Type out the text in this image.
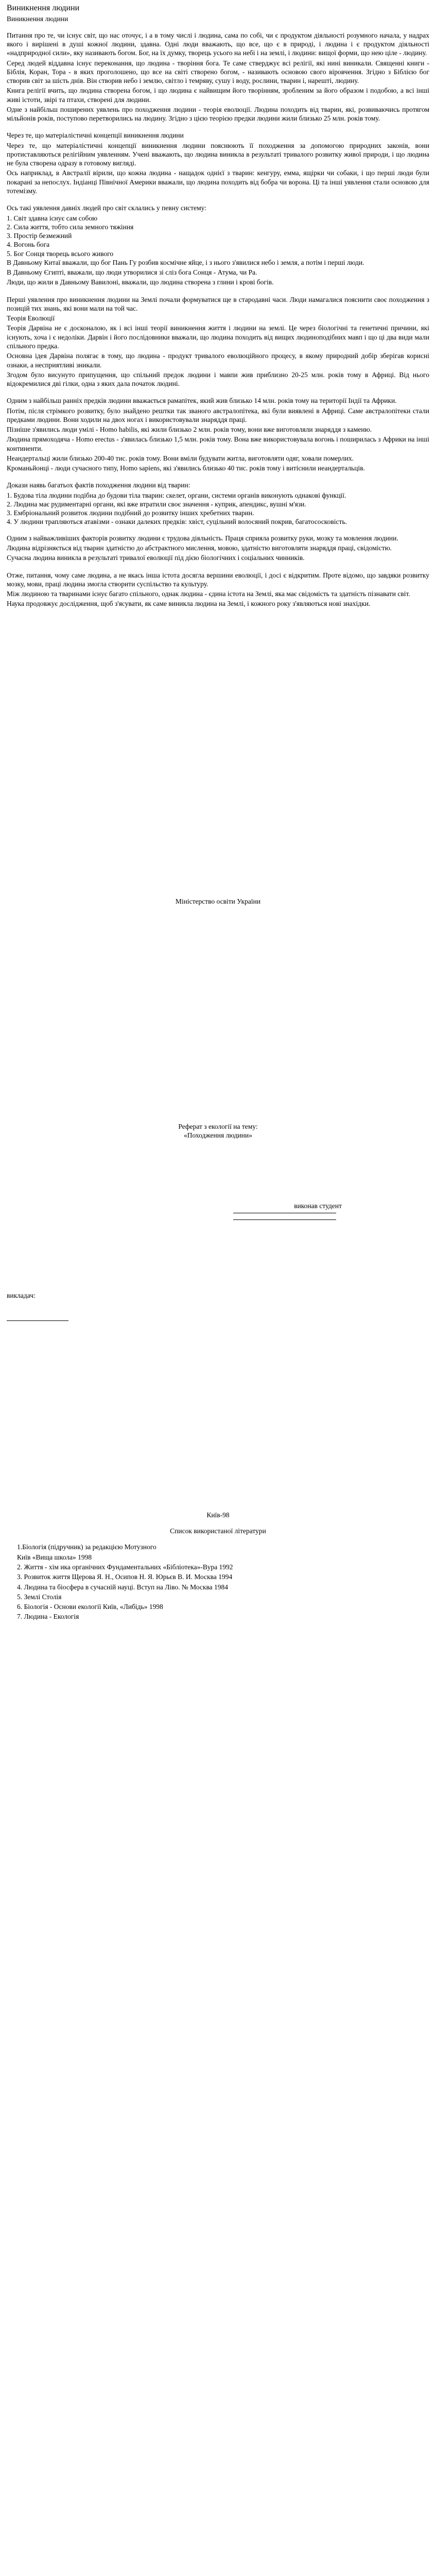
Виникнення людини
Виникнення людини

Питання про те, чи існує світ, що нас оточує, і а в тому числі і людина, сама по собі, чи є продуктом діяльності розумного начала, у надрах якого і вирішені в душі кожної людини, здавна. Одні люди вважають, що все, що є в природі, і людина і є продуктом діяльності «надприродної сили», яку називають богом. Бог, на їх думку, творець усього на небі і на землі, і людини: вищої форми, що нею ціле - людину.

Серед людей віддавна існує переконання, що людина - творіння бога. Те саме стверджує всі релігії, які нині виникали. Священні книги - Біблія, Коран, Тора - в яких проголошено, що все на світі створено богом, - називають основою свого віровчення. Згідно з Біблією бог створив світ за шість днів. Він створив небо і землю, світло і темряву, сушу і воду, рослини, тварин і, нарешті, людину.

Книга релігії вчить, що людина створена богом, і що людина є найвищим його творінням, зробленим за його образом і подобою, а всі інші живі істоти, звірі та птахи, створені для людини.

Одне з найбільш поширених уявлень про походження людини - теорія еволюції. Людина походить від тварин, які, розвиваючись протягом мільйонів років, поступово перетворились на людину. Згідно з цією теорією предки людини жили близько 25 млн. років тому.

Через те, що матеріалістичні концепції виникнення людини

Через те, що матеріалістичні концепції виникнення людини пояснюють її походження за допомогою природних законів, вони протиставляються релігійним уявленням. Учені вважають, що людина виникла в результаті тривалого розвитку живої природи, і що людина не була створена одразу в готовому вигляді.

Ось наприклад, в Австралії вірили, що кожна людина - нащадок однієї з тварин: кенгуру, емма, ящірки чи собаки, і що перші люди були покарані за непослух. Індіанці Північної Америки вважали, що людина походить від бобра чи ворона. Ці та інші уявлення стали основою для тотемізму.

Ось такі уявлення давніх людей про світ склались у певну систему:

1. Світ здавна існує сам собою
2. Сила життя, тобто сила земного тяжіння
3. Простір безмежний
4. Вогонь бога
5. Бог Сонця творець всього живого

В Давньому Китаї вважали, що бог Пань Гу розбив космічне яйце, і з нього з'явилися небо і земля, а потім і перші люди.

В Давньому Єгипті, вважали, що люди утворилися зі сліз бога Сонця - Атума, чи Ра.

Люди, що жили в Давньому Вавилоні, вважали, що людина створена з глини і крові богів.

Перші уявлення про виникнення людини на Землі почали формуватися ще в стародавні часи. Люди намагалися пояснити своє походження з позицій тих знань, які вони мали на той час.

Теорія Еволюції

Теорія Дарвіна не є досконалою, як і всі інші теорії виникнення життя і людини на землі. Це через біологічні та генетичні причини, які існують, хоча і є недоліки. Дарвін і його послідовники вважали, що людина походить від вищих людиноподібних мавп і що ці два види мали спільного предка.

Основна ідея Дарвіна полягає в тому, що людина - продукт тривалого еволюційного процесу, в якому природний добір зберігав корисні ознаки, а неcприятливі зникали.

Згодом було висунуто припущення, що спільний предок людини і мавпи жив приблизно 20-25 млн. років тому в Африці. Від нього відокремилися дві гілки, одна з яких дала початок людині.

Одним з найбільш ранніх предків людини вважається рамапітек, який жив близько 14 млн. років тому на території Індії та Африки.

Потім, після стрімкого розвитку, було знайдено рештки так званого австралопітека, які були виявлені в Африці. Саме австралопітеки стали предками людини. Вони ходили на двох ногах і використовували знаряддя праці.

Пізніше з'явились люди умілі - Homo habilis, які жили близько 2 млн. років тому, вони вже виготовляли знаряддя з каменю.

Людина прямоходяча - Homo erectus - з'явилась близько 1,5 млн. років тому. Вона вже використовувала вогонь і поширилась з Африки на інші континенти.

Неандертальці жили близько 200-40 тис. років тому. Вони вміли будувати житла, виготовляти одяг, ховали померлих.

Кроманьйонці - люди сучасного типу, Homo sapiens, які з'явились близько 40 тис. років тому і витіснили неандертальців.

Докази наявь багатьох фактів походження людини від тварин:

1. Будова тіла людини подібна до будови тіла тварин: скелет, органи, системи органів виконують однакові функції.
2. Людина має рудиментарні органи, які вже втратили своє значення - куприк, апендикс, вушні м'язи.
3. Ембріональний розвиток людини подібний до розвитку інших хребетних тварин.
4. У людини трапляються атавізми - ознаки далеких предків: хвіст, суцільний волосяний покрив, багатососковість.

Одним з найважливіших факторів розвитку людини є трудова діяльність. Праця сприяла розвитку руки, мозку та мовлення людини.

Людина відрізняється від тварин здатністю до абстрактного мислення, мовою, здатністю виготовляти знаряддя праці, свідомістю.

Сучасна людина виникла в результаті тривалої еволюції під дією біологічних і соціальних чинників.

Отже, питання, чому саме людина, а не якась інша істота досягла вершини еволюції, і досі є відкритим. Проте відомо, що завдяки розвитку мозку, мови, праці людина змогла створити суспільство та культуру.

Між людиною та тваринами існує багато спільного, однак людина - єдина істота на Землі, яка має свідомість та здатність пізнавати світ.

Наука продовжує дослідження, щоб з'ясувати, як саме виникла людина на Землі, і кожного року з'являються нові знахідки.

Міністерство освіти України
Реферат з екології на тему:
«Походження людини»
виконав студент
викладач:
Київ-98
Список використаної літератури
1.Біологія (підручник) за редакцією Мотузного
Київ «Вища школа» 1998
2. Життя - хім ика органічних Фундаментальних «Бібліотека»-Вура 1992
3. Розвиток життя Щерова Я. Н., Осипов Н. Я. Юрьєв В. И. Москва 1994
4. Людина та біосфера в сучасній науці. Вступ на Ліво. № Москва 1984
5. Землі Столія
6. Біологія - Основи екології Київ, «Либідь» 1998
7. Людина - Екологія
